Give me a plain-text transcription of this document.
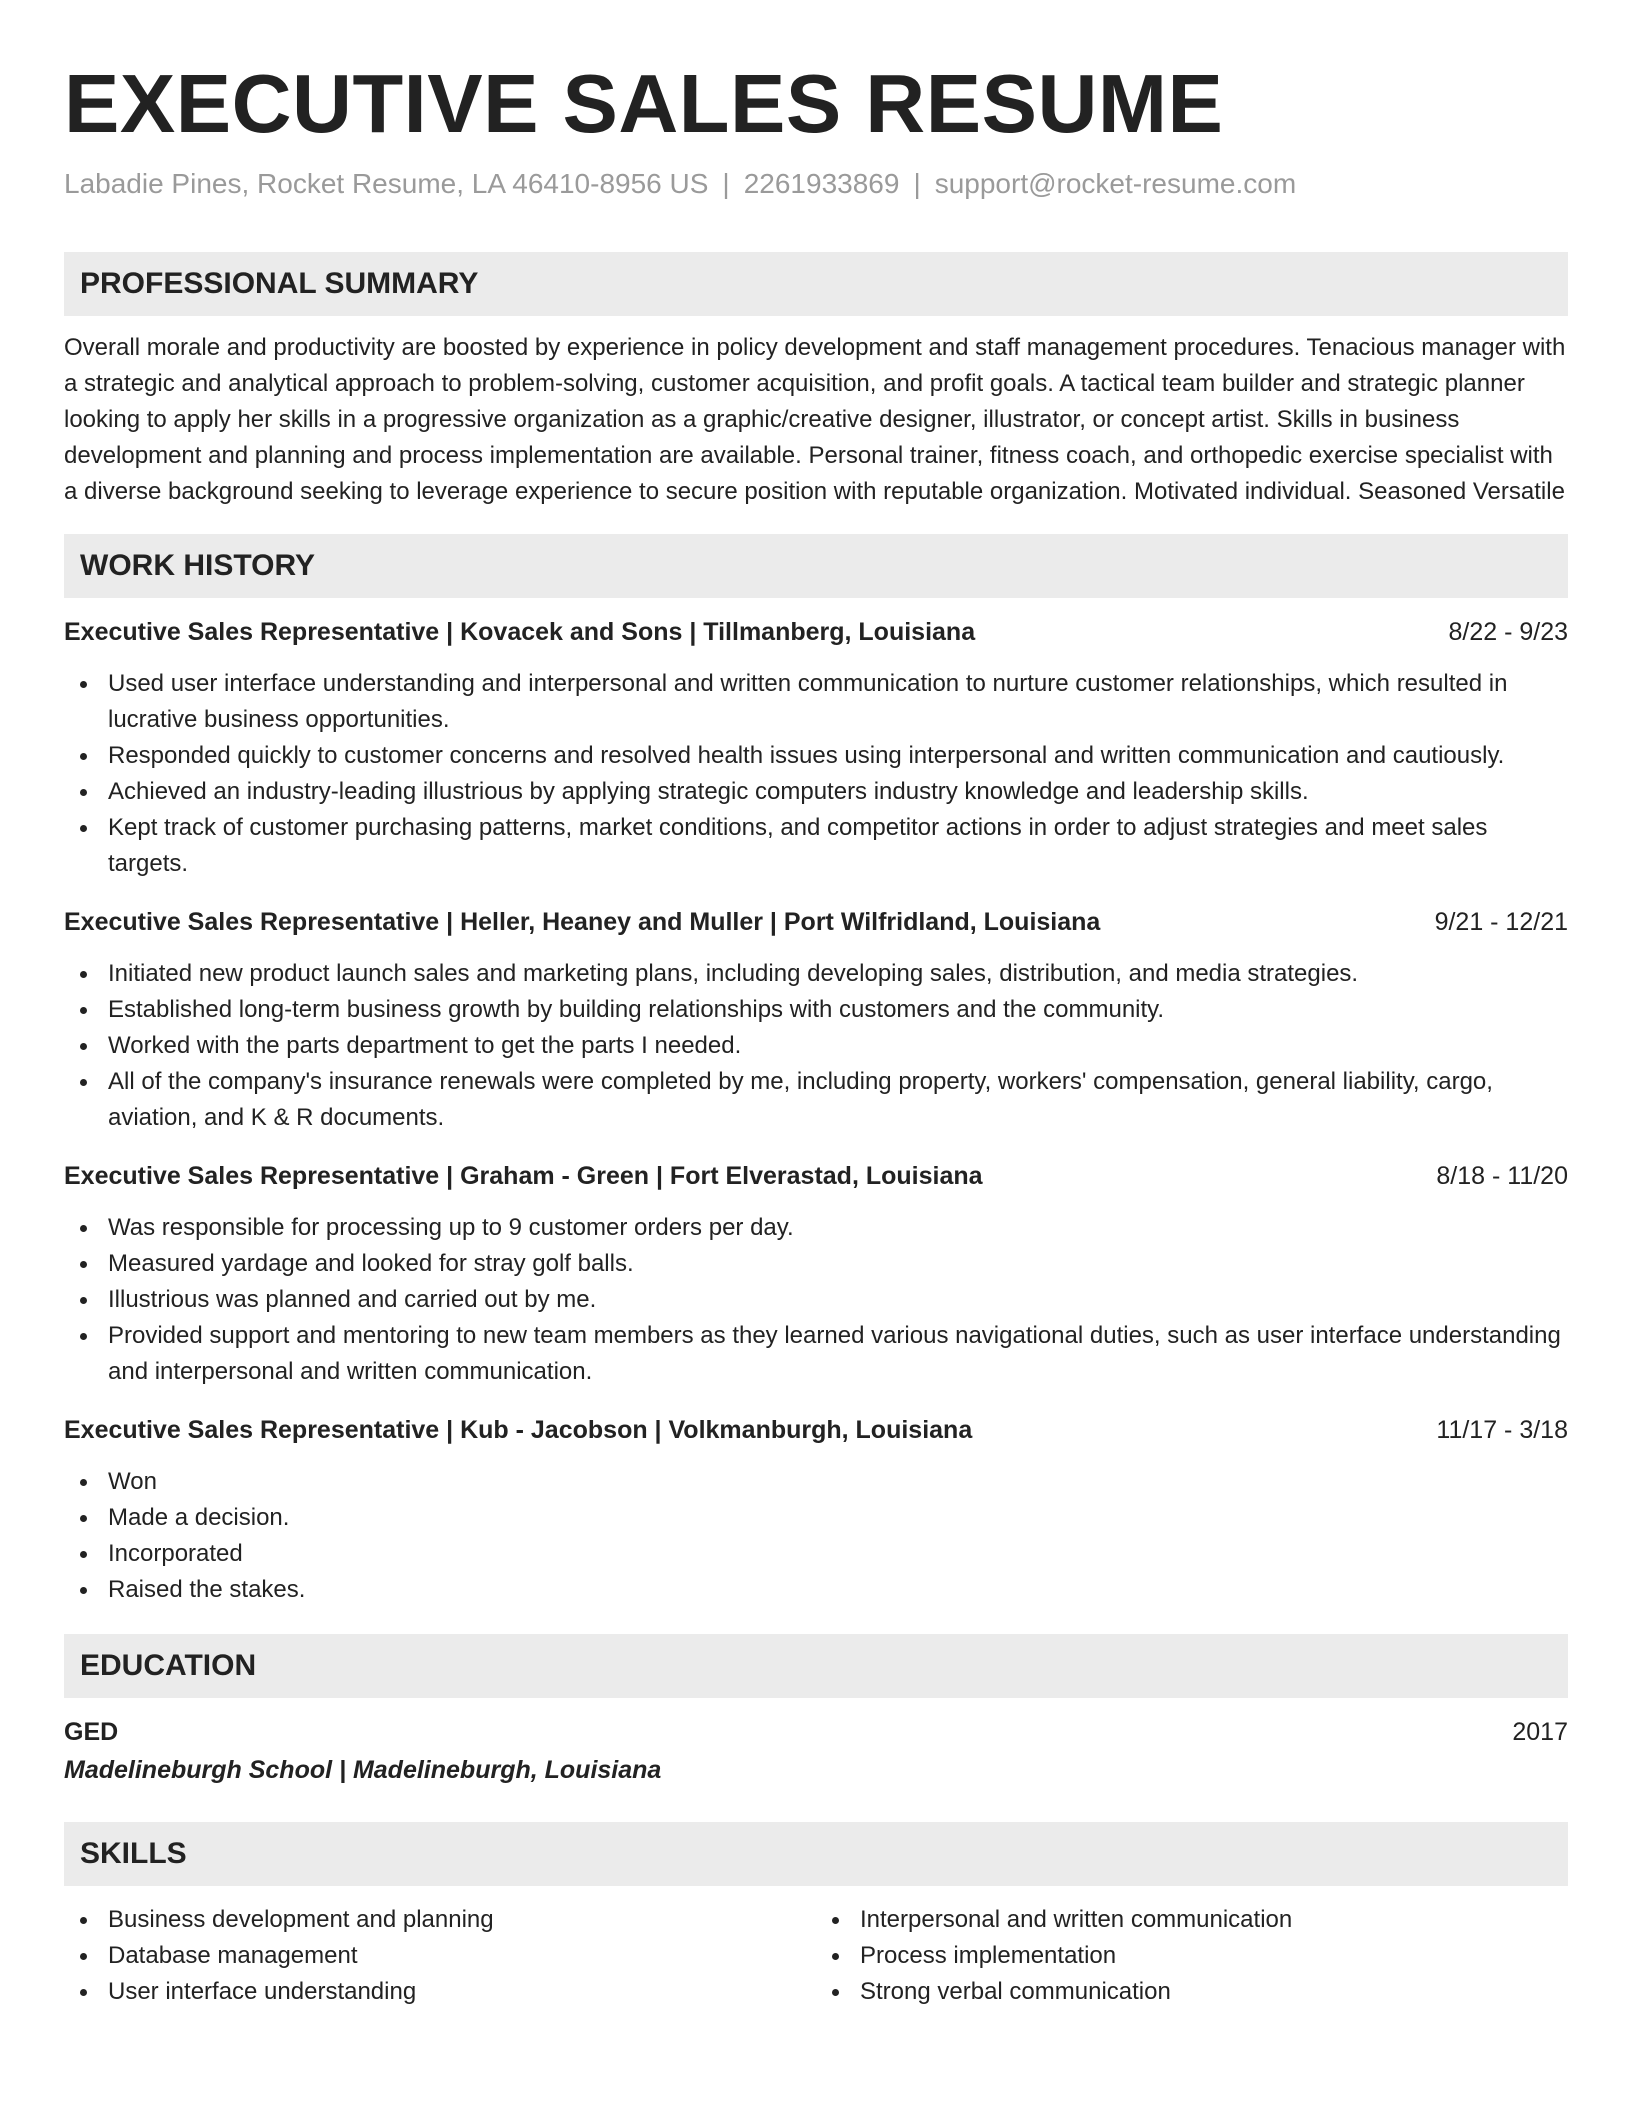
EXECUTIVE SALES RESUME
Labadie Pines, Rocket Resume, LA 46410-8956 US | 2261933869 | support@rocket-resume.com
PROFESSIONAL SUMMARY

Overall morale and productivity are boosted by experience in policy development and staff management procedures. Tenacious manager with a strategic and analytical approach to problem-solving, customer acquisition, and profit goals. A tactical team builder and strategic planner looking to apply her skills in a progressive organization as a graphic/creative designer, illustrator, or concept artist. Skills in business development and planning and process implementation are available. Personal trainer, fitness coach, and orthopedic exercise specialist with a diverse background seeking to leverage experience to secure position with reputable organization. Motivated individual. Seasoned Versatile

WORK HISTORY
Executive Sales Representative | Kovacek and Sons | Tillmanberg, Louisiana	8/22 - 9/23
Used user interface understanding and interpersonal and written communication to nurture customer relationships, which resulted in lucrative business opportunities.
Responded quickly to customer concerns and resolved health issues using interpersonal and written communication and cautiously.
Achieved an industry-leading illustrious by applying strategic computers industry knowledge and leadership skills.
Kept track of customer purchasing patterns, market conditions, and competitor actions in order to adjust strategies and meet sales targets.
Executive Sales Representative | Heller, Heaney and Muller | Port Wilfridland, Louisiana	9/21 - 12/21
Initiated new product launch sales and marketing plans, including developing sales, distribution, and media strategies.
Established long-term business growth by building relationships with customers and the community.
Worked with the parts department to get the parts I needed.
All of the company's insurance renewals were completed by me, including property, workers' compensation, general liability, cargo, aviation, and K & R documents.
Executive Sales Representative | Graham - Green | Fort Elverastad, Louisiana	8/18 - 11/20
Was responsible for processing up to 9 customer orders per day.
Measured yardage and looked for stray golf balls.
Illustrious was planned and carried out by me.
Provided support and mentoring to new team members as they learned various navigational duties, such as user interface understanding and interpersonal and written communication.
Executive Sales Representative | Kub - Jacobson | Volkmanburgh, Louisiana	11/17 - 3/18
Won
Made a decision.
Incorporated
Raised the stakes.
EDUCATION
GED	2017
Madelineburgh School | Madelineburgh, Louisiana
SKILLS
Business development and planning
Database management
User interface understanding
Interpersonal and written communication
Process implementation
Strong verbal communication
